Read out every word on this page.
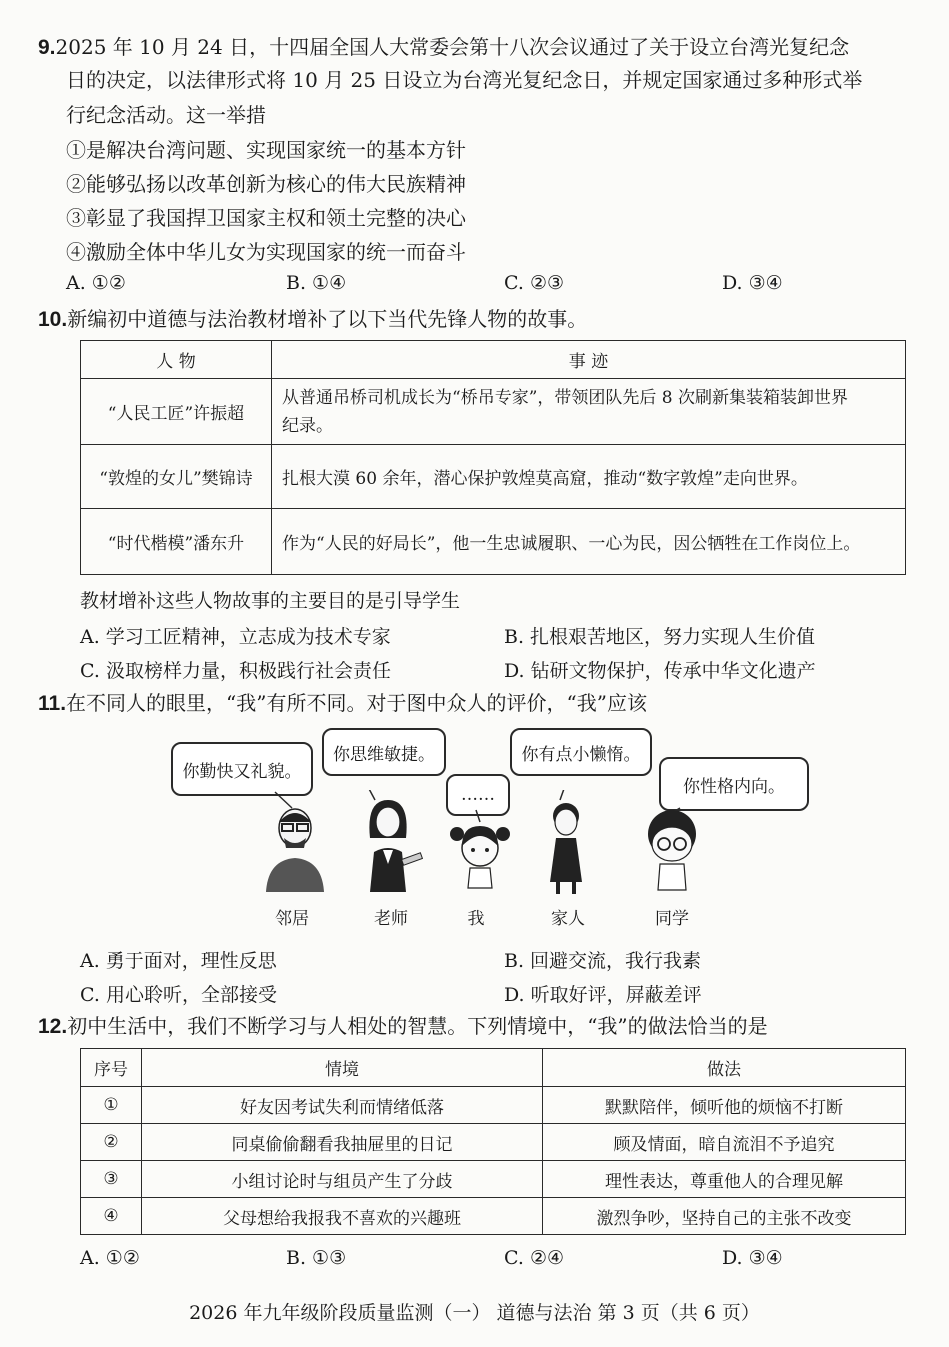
9.2025 年 10 月 24 日，十四届全国人大常委会第十八次会议通过了关于设立台湾光复纪念
日的决定，以法律形式将 10 月 25 日设立为台湾光复纪念日，并规定国家通过多种形式举
行纪念活动。这一举措
①是解决台湾问题、实现国家统一的基本方针
②能够弘扬以改革创新为核心的伟大民族精神
③彰显了我国捍卫国家主权和领土完整的决心
④激励全体中华儿女为实现国家的统一而奋斗
A. ①②	B. ①④	C. ②③	D. ③④
10.新编初中道德与法治教材增补了以下当代先锋人物的故事。
人 物	事 迹
“人民工匠”许振超	从普通吊桥司机成长为“桥吊专家”，带领团队先后 8 次刷新集装箱装卸世界
纪录。
“敦煌的女儿”樊锦诗	扎根大漠 60 余年，潜心保护敦煌莫高窟，推动“数字敦煌”走向世界。
“时代楷模”潘东升	作为“人民的好局长”，他一生忠诚履职、一心为民，因公牺牲在工作岗位上。
教材增补这些人物故事的主要目的是引导学生
A. 学习工匠精神，立志成为技术专家	B. 扎根艰苦地区，努力实现人生价值
C. 汲取榜样力量，积极践行社会责任	D. 钻研文物保护，传承中华文化遗产
11.在不同人的眼里，“我”有所不同。对于图中众人的评价，“我”应该
你勤快又礼貌。
你思维敏捷。
……
你有点小懒惰。
你性格内向。
邻居	老师	我	家人	同学
A. 勇于面对，理性反思	B. 回避交流，我行我素
C. 用心聆听，全部接受	D. 听取好评，屏蔽差评
12.初中生活中，我们不断学习与人相处的智慧。下列情境中，“我”的做法恰当的是
序号	情境	做法
①	好友因考试失利而情绪低落	默默陪伴，倾听他的烦恼不打断
②	同桌偷偷翻看我抽屉里的日记	顾及情面，暗自流泪不予追究
③	小组讨论时与组员产生了分歧	理性表达，尊重他人的合理见解
④	父母想给我报我不喜欢的兴趣班	激烈争吵，坚持自己的主张不改变
A. ①②	B. ①③	C. ②④	D. ③④
2026 年九年级阶段质量监测（一） 道德与法治 第 3 页（共 6 页）
